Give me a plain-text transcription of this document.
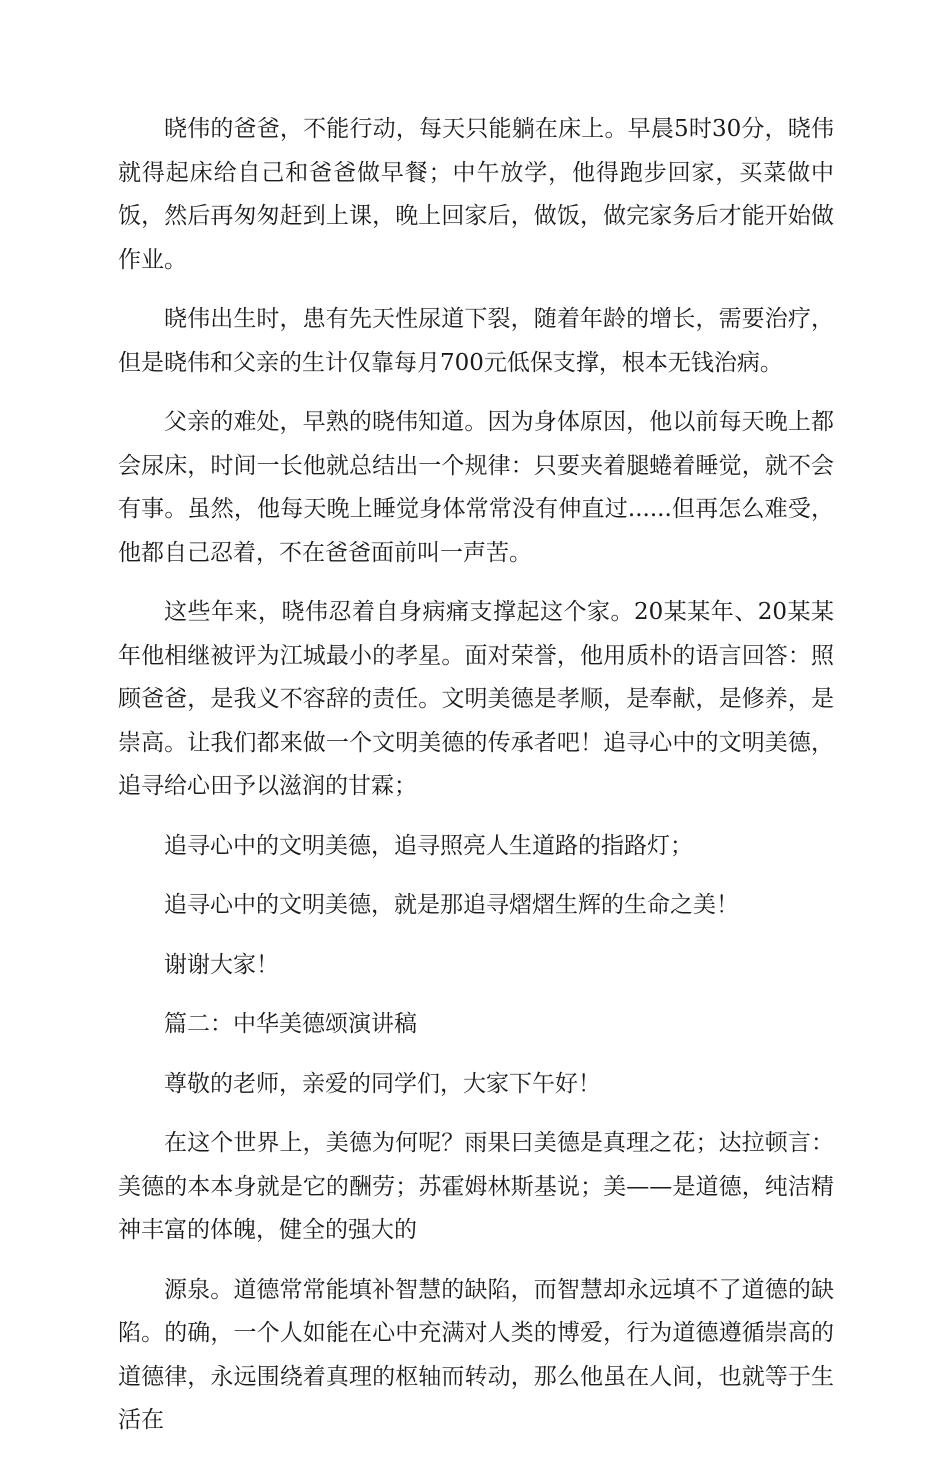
晓伟的爸爸，不能行动，每天只能躺在床上。早晨5时30分，晓伟就得起床给自己和爸爸做早餐；中午放学，他得跑步回家，买菜做中饭，然后再匆匆赶到上课，晚上回家后，做饭，做完家务后才能开始做作业。

晓伟出生时，患有先天性尿道下裂，随着年龄的增长，需要治疗，但是晓伟和父亲的生计仅靠每月700元低保支撑，根本无钱治病。

父亲的难处，早熟的晓伟知道。因为身体原因，他以前每天晚上都会尿床，时间一长他就总结出一个规律：只要夹着腿蜷着睡觉，就不会有事。虽然，他每天晚上睡觉身体常常没有伸直过......但再怎么难受，他都自己忍着，不在爸爸面前叫一声苦。

这些年来，晓伟忍着自身病痛支撑起这个家。20某某年、20某某年他相继被评为江城最小的孝星。面对荣誉，他用质朴的语言回答：照顾爸爸，是我义不容辞的责任。文明美德是孝顺，是奉献，是修养，是崇高。让我们都来做一个文明美德的传承者吧！追寻心中的文明美德，追寻给心田予以滋润的甘霖；

追寻心中的文明美德，追寻照亮人生道路的指路灯；

追寻心中的文明美德，就是那追寻熠熠生辉的生命之美！

谢谢大家！

篇二：中华美德颂演讲稿

尊敬的老师，亲爱的同学们，大家下午好！

在这个世界上，美德为何呢？雨果曰美德是真理之花；达拉顿言：美德的本本身就是它的酬劳；苏霍姆林斯基说；美——是道德，纯洁精神丰富的体魄，健全的强大的

源泉。道德常常能填补智慧的缺陷，而智慧却永远填不了道德的缺陷。的确，一个人如能在心中充满对人类的博爱，行为道德遵循崇高的道德律，永远围绕着真理的枢轴而转动，那么他虽在人间，也就等于生活在
